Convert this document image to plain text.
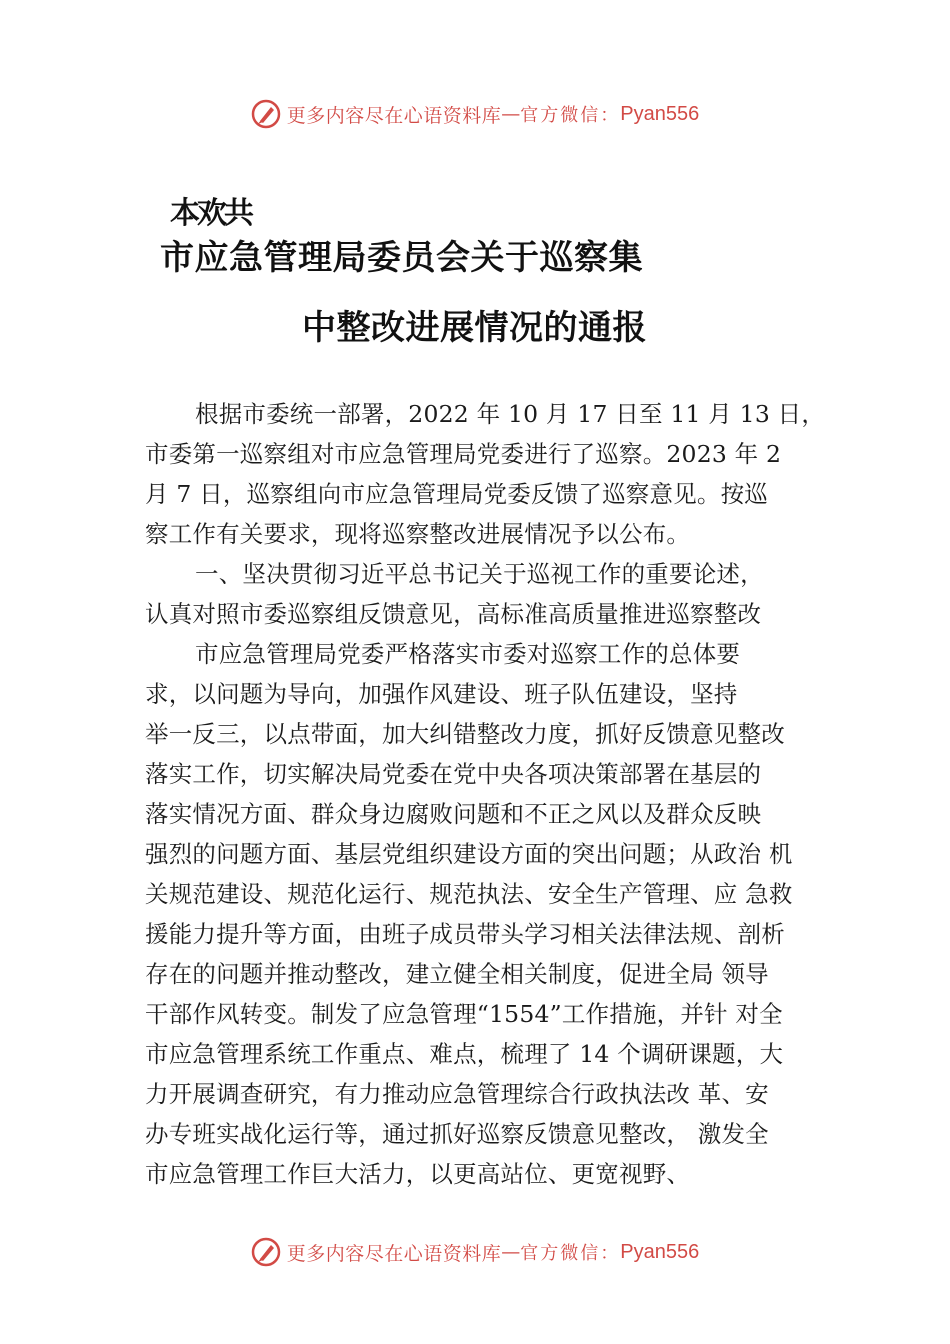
更多内容尽在心语资料库 — 官方微信： Pyan556
本欢共
市应急管理局委员会关于巡察集
中整改进展情况的通报
根据市委统一部署，2022 年 10 月 17 日至 11 月 13 日，
市委第一巡察组对市应急管理局党委进行了巡察。2023 年 2
月 7 日，巡察组向市应急管理局党委反馈了巡察意见。按巡
察工作有关要求，现将巡察整改进展情况予以公布。
一、坚决贯彻习近平总书记关于巡视工作的重要论述，
认真对照市委巡察组反馈意见，高标准高质量推进巡察整改
市应急管理局党委严格落实市委对巡察工作的总体要
求，以问题为导向，加强作风建设、班子队伍建设，坚持
举一反三，以点带面，加大纠错整改力度，抓好反馈意见整改
落实工作，切实解决局党委在党中央各项决策部署在基层的
落实情况方面、群众身边腐败问题和不正之风以及群众反映
强烈的问题方面、基层党组织建设方面的突出问题；从政治 机
关规范建设、规范化运行、规范执法、安全生产管理、应 急救
援能力提升等方面，由班子成员带头学习相关法律法规、剖析
存在的问题并推动整改，建立健全相关制度，促进全局 领导
干部作风转变。制发了应急管理“1554”工作措施，并针 对全
市应急管理系统工作重点、难点，梳理了 14 个调研课题，大
力开展调查研究，有力推动应急管理综合行政执法改 革、安
办专班实战化运行等，通过抓好巡察反馈意见整改， 激发全
市应急管理工作巨大活力，以更高站位、更宽视野、
更多内容尽在心语资料库 — 官方微信： Pyan556
